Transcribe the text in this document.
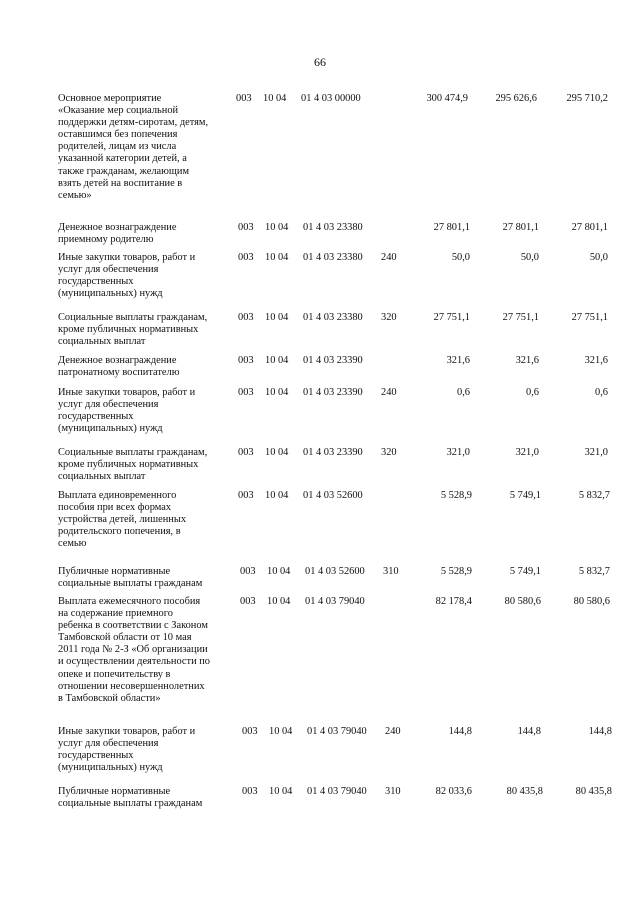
66
Основное мероприятие
«Оказание мер социальной
поддержки детям-сиротам, детям,
оставшимся без попечения
родителей, лицам из числа
указанной категории детей, а
также гражданам, желающим
взять детей на воспитание в
семью»
003 10 04 01 4 03 00000	300 474,9	295 626,6	295 710,2
Денежное вознаграждение
приемному родителю
003 10 04 01 4 03 23380	27 801,1	27 801,1	27 801,1
Иные закупки товаров, работ и
услуг для обеспечения
государственных
(муниципальных) нужд
003 10 04 01 4 03 23380 240	50,0	50,0	50,0
Социальные выплаты гражданам,
кроме публичных нормативных
социальных выплат
003 10 04 01 4 03 23380 320	27 751,1	27 751,1	27 751,1
Денежное вознаграждение
патронатному воспитателю
003 10 04 01 4 03 23390	321,6	321,6	321,6
Иные закупки товаров, работ и
услуг для обеспечения
государственных
(муниципальных) нужд
003 10 04 01 4 03 23390 240	0,6	0,6	0,6
Социальные выплаты гражданам,
кроме публичных нормативных
социальных выплат
003 10 04 01 4 03 23390 320	321,0	321,0	321,0
Выплата единовременного
пособия при всех формах
устройства детей, лишенных
родительского попечения, в
семью
003 10 04 01 4 03 52600	5 528,9	5 749,1	5 832,7
Публичные нормативные
социальные выплаты гражданам
003 10 04 01 4 03 52600 310	5 528,9	5 749,1	5 832,7
Выплата ежемесячного пособия
на содержание приемного
ребенка в соответствии с Законом
Тамбовской области от 10 мая
2011 года № 2-З «Об организации
и осуществлении деятельности по
опеке и попечительству в
отношении несовершеннолетних
в Тамбовской области»
003 10 04 01 4 03 79040	82 178,4	80 580,6	80 580,6
Иные закупки товаров, работ и
услуг для обеспечения
государственных
(муниципальных) нужд
003 10 04 01 4 03 79040 240	144,8	144,8	144,8
Публичные нормативные
социальные выплаты гражданам
003 10 04 01 4 03 79040 310	82 033,6	80 435,8	80 435,8
